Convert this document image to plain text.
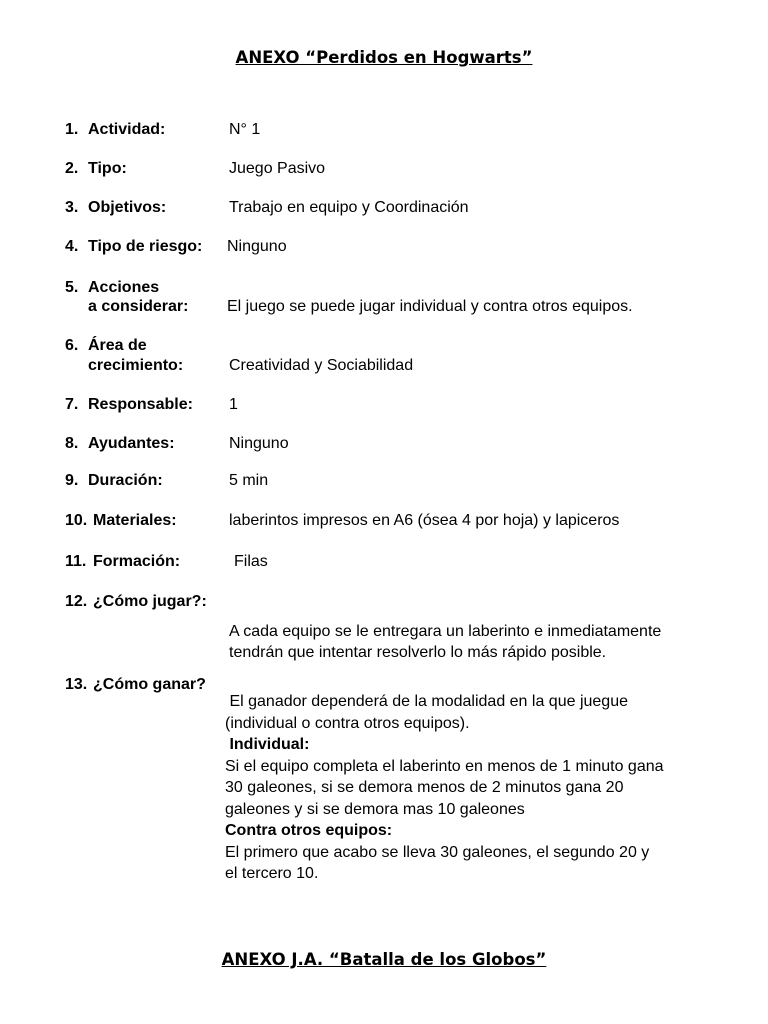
ANEXO “Perdidos en Hogwarts”
1. Actividad:	N° 1
2. Tipo:	Juego Pasivo
3. Objetivos:	Trabajo en equipo y Coordinación
4. Tipo de riesgo: Ninguno
5. Acciones
a considerar: El juego se puede jugar individual y contra otros equipos.
6. Área de
crecimiento:	Creatividad y Sociabilidad
7. Responsable: 1
8. Ayudantes:	Ninguno
9. Duración:	5 min
10. Materiales:	laberintos impresos en A6 (ósea 4 por hoja) y lapiceros
11. Formación:	Filas
12. ¿Cómo jugar?:
A cada equipo se le entregara un laberinto e inmediatamente
tendrán que intentar resolverlo lo más rápido posible.
13. ¿Cómo ganar?
El ganador dependerá de la modalidad en la que juegue
(individual o contra otros equipos).
Individual:
Si el equipo completa el laberinto en menos de 1 minuto gana
30 galeones, si se demora menos de 2 minutos gana 20
galeones y si se demora mas 10 galeones
Contra otros equipos:
El primero que acabo se lleva 30 galeones, el segundo 20 y
el tercero 10.
ANEXO J.A. “Batalla de los Globos”
